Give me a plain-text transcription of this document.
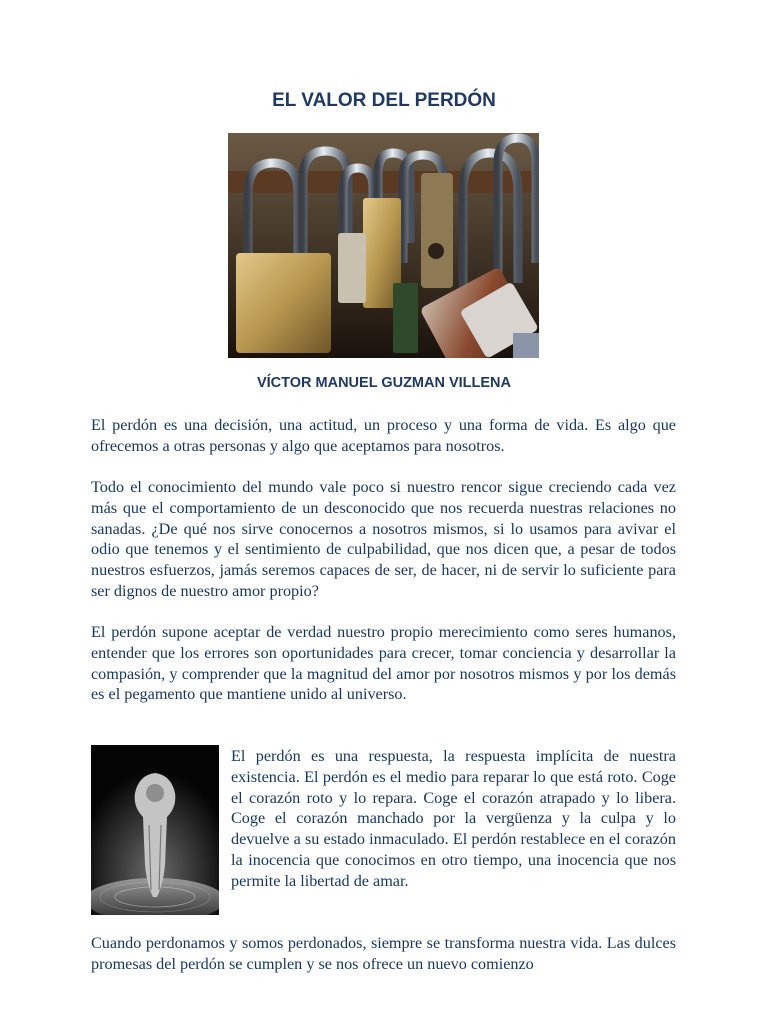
EL VALOR DEL PERDÓN
VÍCTOR MANUEL GUZMAN VILLENA

El perdón es una decisión, una actitud, un proceso y una forma de vida. Es algo que ofrecemos a otras personas y algo que aceptamos para nosotros.

Todo el conocimiento del mundo vale poco si nuestro rencor sigue creciendo cada vez más que el comportamiento de un desconocido que nos recuerda nuestras relaciones no sanadas. ¿De qué nos sirve conocernos a nosotros mismos, si lo usamos para avivar el odio que tenemos y el sentimiento de culpabilidad, que nos dicen que, a pesar de todos nuestros esfuerzos, jamás seremos capaces de ser, de hacer, ni de servir lo suficiente para ser dignos de nuestro amor propio?

El perdón supone aceptar de verdad nuestro propio merecimiento como seres humanos, entender que los errores son oportunidades para crecer, tomar conciencia y desarrollar la compasión, y comprender que la magnitud del amor por nosotros mismos y por los demás es el pegamento que mantiene unido al universo.

El perdón es una respuesta, la respuesta implícita de nuestra existencia. El perdón es el medio para reparar lo que está roto. Coge el corazón roto y lo repara. Coge el corazón atrapado y lo libera. Coge el corazón manchado por la vergüenza y la culpa y lo devuelve a su estado inmaculado. El perdón restablece en el corazón la inocencia que conocimos en otro tiempo, una inocencia que nos permite la libertad de amar.

Cuando perdonamos y somos perdonados, siempre se transforma nuestra vida. Las dulces promesas del perdón se cumplen y se nos ofrece un nuevo comienzo
